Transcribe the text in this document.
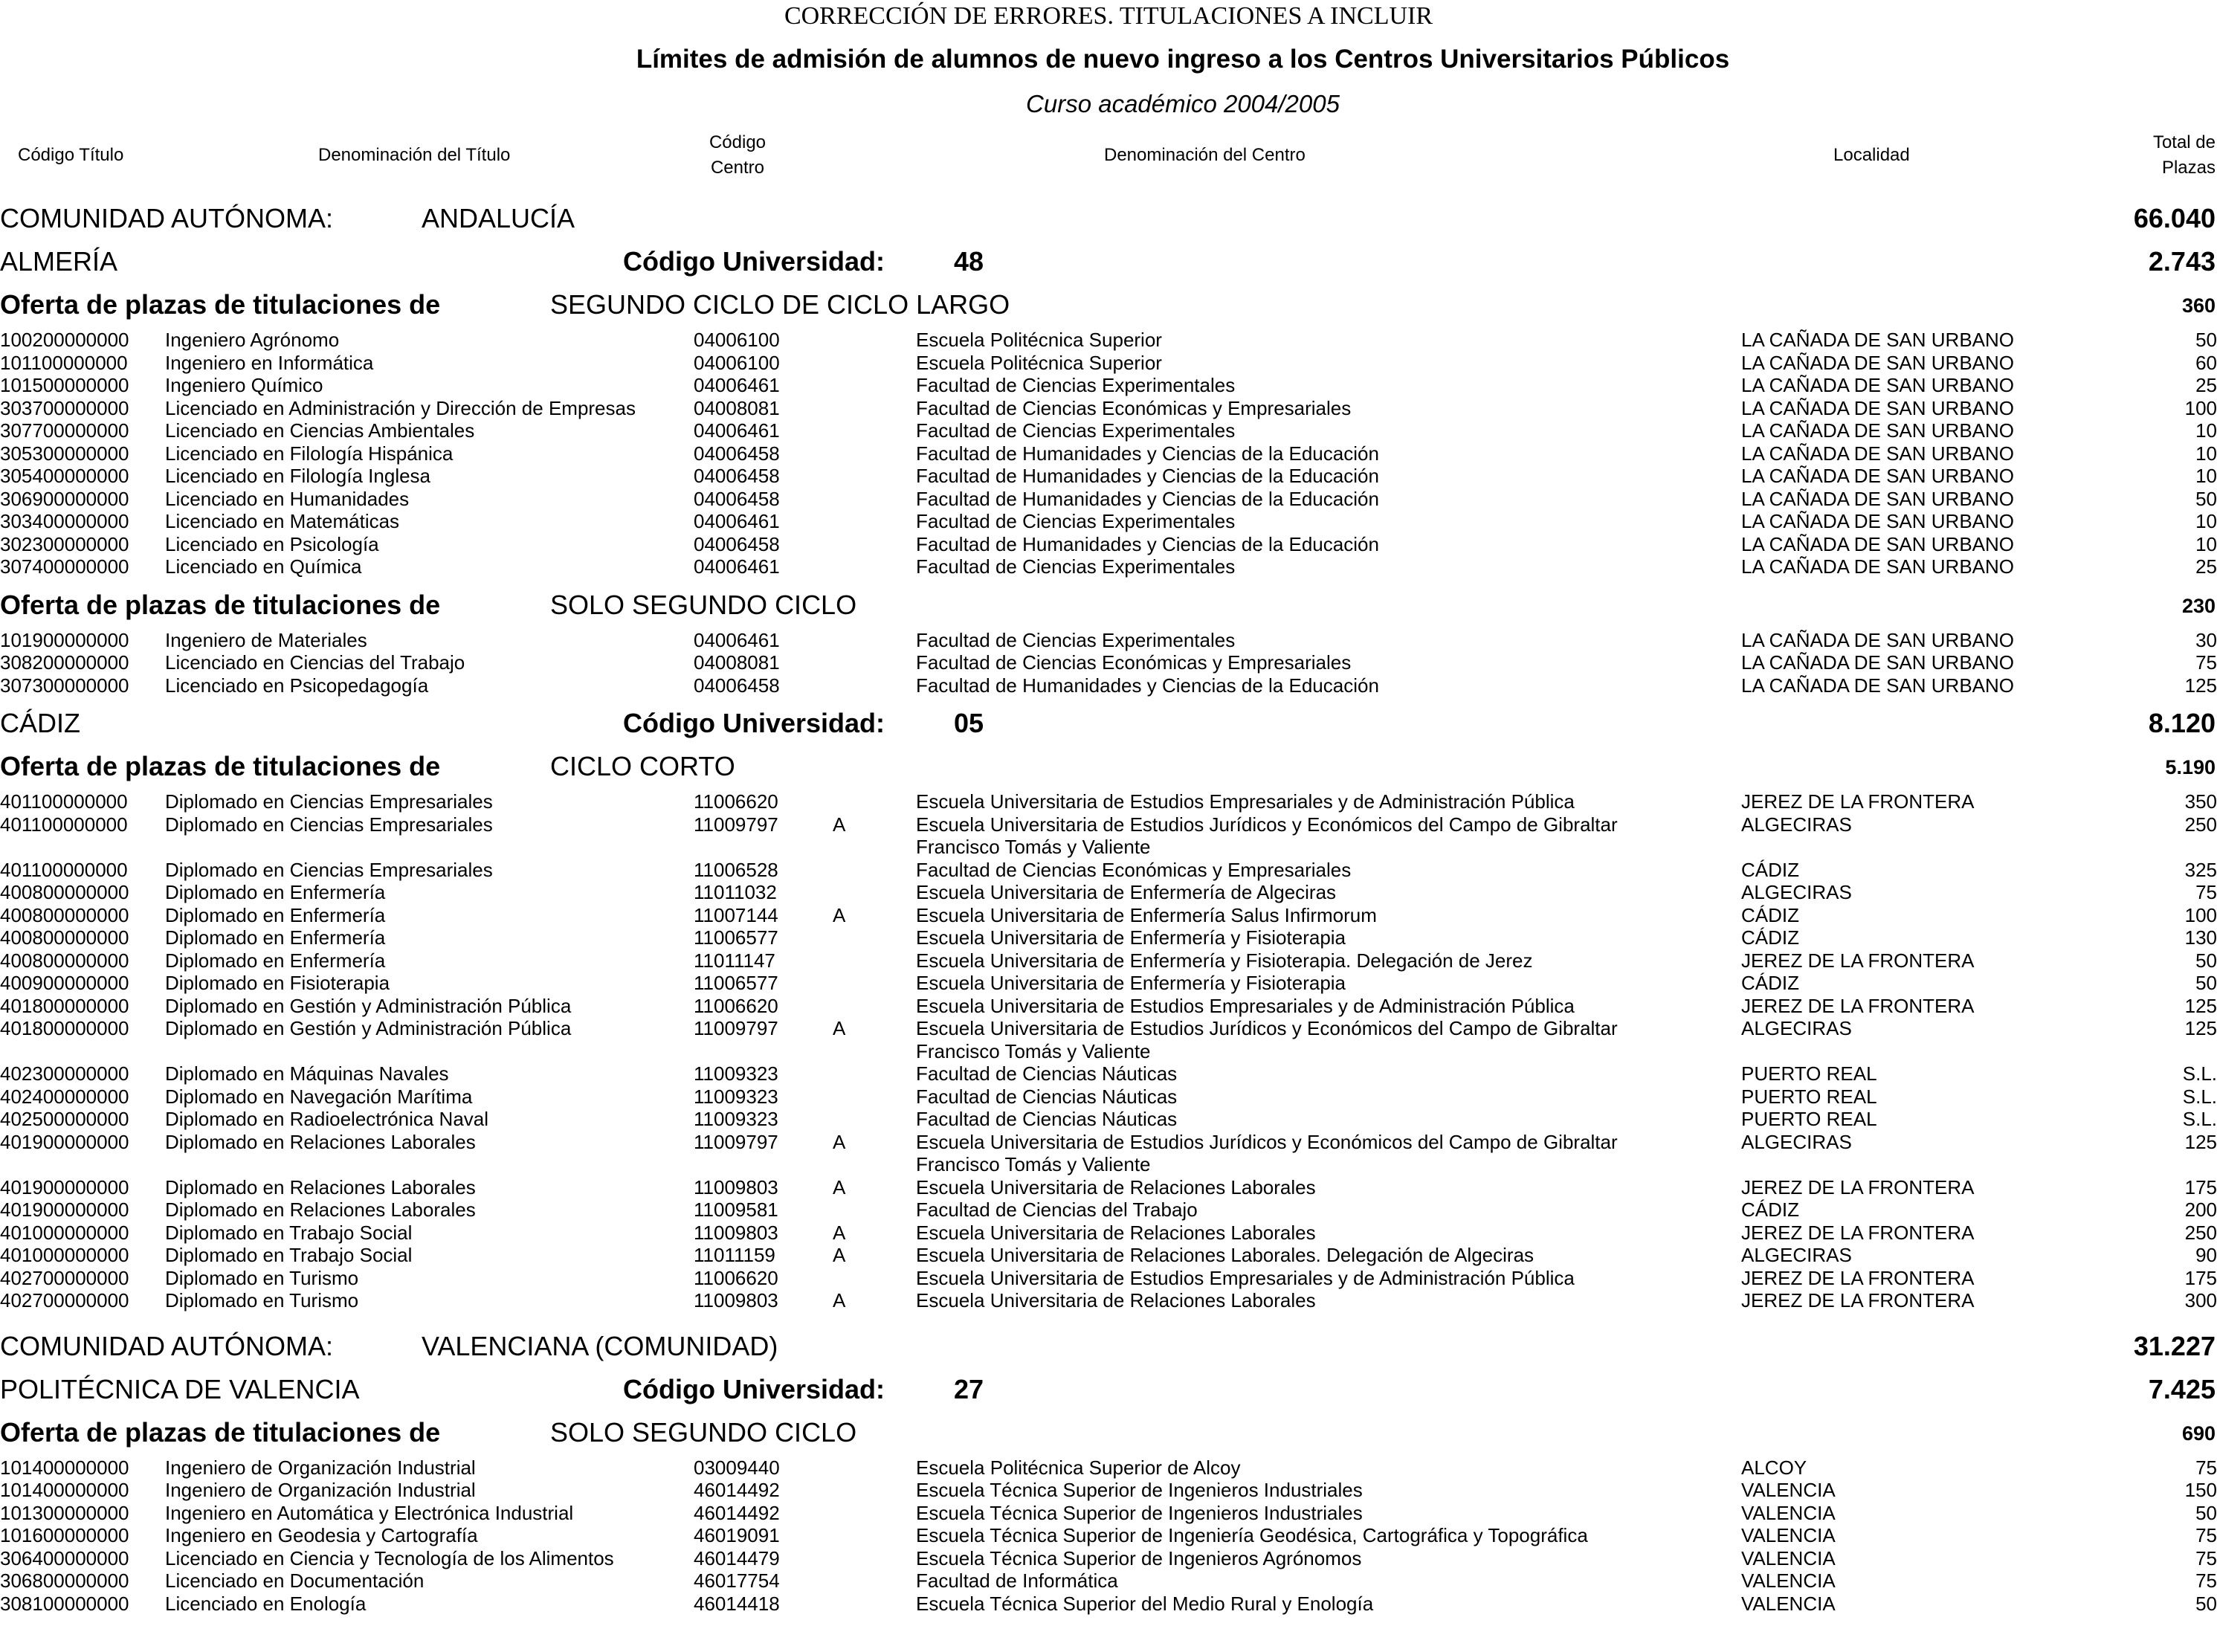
CORRECCIÓN DE ERRORES. TITULACIONES A INCLUIR
Límites de admisión de alumnos de nuevo ingreso a los Centros Universitarios Públicos
Curso académico 2004/2005
Código Título	Denominación del Título
Código
Centro
Denominación del Centro	Localidad
Total de
Plazas
COMUNIDAD AUTÓNOMA:	ANDALUCÍA	66.040
ALMERÍA	Código Universidad:	48	2.743
Oferta de plazas de titulaciones de	SEGUNDO CICLO DE CICLO LARGO	360
100200000000 Ingeniero Agrónomo	04006100	Escuela Politécnica Superior	LA CAÑADA DE SAN URBANO	50
101100000000 Ingeniero en Informática	04006100	Escuela Politécnica Superior	LA CAÑADA DE SAN URBANO	60
101500000000 Ingeniero Químico	04006461	Facultad de Ciencias Experimentales	LA CAÑADA DE SAN URBANO	25
303700000000 Licenciado en Administración y Dirección de Empresas	04008081	Facultad de Ciencias Económicas y Empresariales	LA CAÑADA DE SAN URBANO	100
307700000000 Licenciado en Ciencias Ambientales	04006461	Facultad de Ciencias Experimentales	LA CAÑADA DE SAN URBANO	10
305300000000 Licenciado en Filología Hispánica	04006458	Facultad de Humanidades y Ciencias de la Educación	LA CAÑADA DE SAN URBANO	10
305400000000 Licenciado en Filología Inglesa	04006458	Facultad de Humanidades y Ciencias de la Educación	LA CAÑADA DE SAN URBANO	10
306900000000 Licenciado en Humanidades	04006458	Facultad de Humanidades y Ciencias de la Educación	LA CAÑADA DE SAN URBANO	50
303400000000 Licenciado en Matemáticas	04006461	Facultad de Ciencias Experimentales	LA CAÑADA DE SAN URBANO	10
302300000000 Licenciado en Psicología	04006458	Facultad de Humanidades y Ciencias de la Educación	LA CAÑADA DE SAN URBANO	10
307400000000 Licenciado en Química	04006461	Facultad de Ciencias Experimentales	LA CAÑADA DE SAN URBANO	25
Oferta de plazas de titulaciones de	SOLO SEGUNDO CICLO	230
101900000000 Ingeniero de Materiales	04006461	Facultad de Ciencias Experimentales	LA CAÑADA DE SAN URBANO	30
308200000000 Licenciado en Ciencias del Trabajo	04008081	Facultad de Ciencias Económicas y Empresariales	LA CAÑADA DE SAN URBANO	75
307300000000 Licenciado en Psicopedagogía	04006458	Facultad de Humanidades y Ciencias de la Educación	LA CAÑADA DE SAN URBANO	125
CÁDIZ	Código Universidad:	05	8.120
Oferta de plazas de titulaciones de	CICLO CORTO	5.190
401100000000 Diplomado en Ciencias Empresariales	11006620	Escuela Universitaria de Estudios Empresariales y de Administración Pública	JEREZ DE LA FRONTERA	350
401100000000 Diplomado en Ciencias Empresariales	11009797	A	Escuela Universitaria de Estudios Jurídicos y Económicos del Campo de Gibraltar	ALGECIRAS	250
Francisco Tomás y Valiente
401100000000 Diplomado en Ciencias Empresariales	11006528	Facultad de Ciencias Económicas y Empresariales	CÁDIZ	325
400800000000 Diplomado en Enfermería	11011032	Escuela Universitaria de Enfermería de Algeciras	ALGECIRAS	75
400800000000 Diplomado en Enfermería	11007144	A	Escuela Universitaria de Enfermería Salus Infirmorum	CÁDIZ	100
400800000000 Diplomado en Enfermería	11006577	Escuela Universitaria de Enfermería y Fisioterapia	CÁDIZ	130
400800000000 Diplomado en Enfermería	11011147	Escuela Universitaria de Enfermería y Fisioterapia. Delegación de Jerez	JEREZ DE LA FRONTERA	50
400900000000 Diplomado en Fisioterapia	11006577	Escuela Universitaria de Enfermería y Fisioterapia	CÁDIZ	50
401800000000 Diplomado en Gestión y Administración Pública	11006620	Escuela Universitaria de Estudios Empresariales y de Administración Pública	JEREZ DE LA FRONTERA	125
401800000000 Diplomado en Gestión y Administración Pública	11009797	A	Escuela Universitaria de Estudios Jurídicos y Económicos del Campo de Gibraltar	ALGECIRAS	125
Francisco Tomás y Valiente
402300000000 Diplomado en Máquinas Navales	11009323	Facultad de Ciencias Náuticas	PUERTO REAL	S.L.
402400000000 Diplomado en Navegación Marítima	11009323	Facultad de Ciencias Náuticas	PUERTO REAL	S.L.
402500000000 Diplomado en Radioelectrónica Naval	11009323	Facultad de Ciencias Náuticas	PUERTO REAL	S.L.
401900000000 Diplomado en Relaciones Laborales	11009797	A	Escuela Universitaria de Estudios Jurídicos y Económicos del Campo de Gibraltar	ALGECIRAS	125
Francisco Tomás y Valiente
401900000000 Diplomado en Relaciones Laborales	11009803	A	Escuela Universitaria de Relaciones Laborales	JEREZ DE LA FRONTERA	175
401900000000 Diplomado en Relaciones Laborales	11009581	Facultad de Ciencias del Trabajo	CÁDIZ	200
401000000000 Diplomado en Trabajo Social	11009803	A	Escuela Universitaria de Relaciones Laborales	JEREZ DE LA FRONTERA	250
401000000000 Diplomado en Trabajo Social	11011159	A	Escuela Universitaria de Relaciones Laborales. Delegación de Algeciras	ALGECIRAS	90
402700000000 Diplomado en Turismo	11006620	Escuela Universitaria de Estudios Empresariales y de Administración Pública	JEREZ DE LA FRONTERA	175
402700000000 Diplomado en Turismo	11009803	A	Escuela Universitaria de Relaciones Laborales	JEREZ DE LA FRONTERA	300
COMUNIDAD AUTÓNOMA:	VALENCIANA (COMUNIDAD)	31.227
POLITÉCNICA DE VALENCIA	Código Universidad:	27	7.425
Oferta de plazas de titulaciones de	SOLO SEGUNDO CICLO	690
101400000000 Ingeniero de Organización Industrial	03009440	Escuela Politécnica Superior de Alcoy	ALCOY	75
101400000000 Ingeniero de Organización Industrial	46014492	Escuela Técnica Superior de Ingenieros Industriales	VALENCIA	150
101300000000 Ingeniero en Automática y Electrónica Industrial	46014492	Escuela Técnica Superior de Ingenieros Industriales	VALENCIA	50
101600000000 Ingeniero en Geodesia y Cartografía	46019091	Escuela Técnica Superior de Ingeniería Geodésica, Cartográfica y Topográfica	VALENCIA	75
306400000000 Licenciado en Ciencia y Tecnología de los Alimentos	46014479	Escuela Técnica Superior de Ingenieros Agrónomos	VALENCIA	75
306800000000 Licenciado en Documentación	46017754	Facultad de Informática	VALENCIA	75
308100000000 Licenciado en Enología	46014418	Escuela Técnica Superior del Medio Rural y Enología	VALENCIA	50
